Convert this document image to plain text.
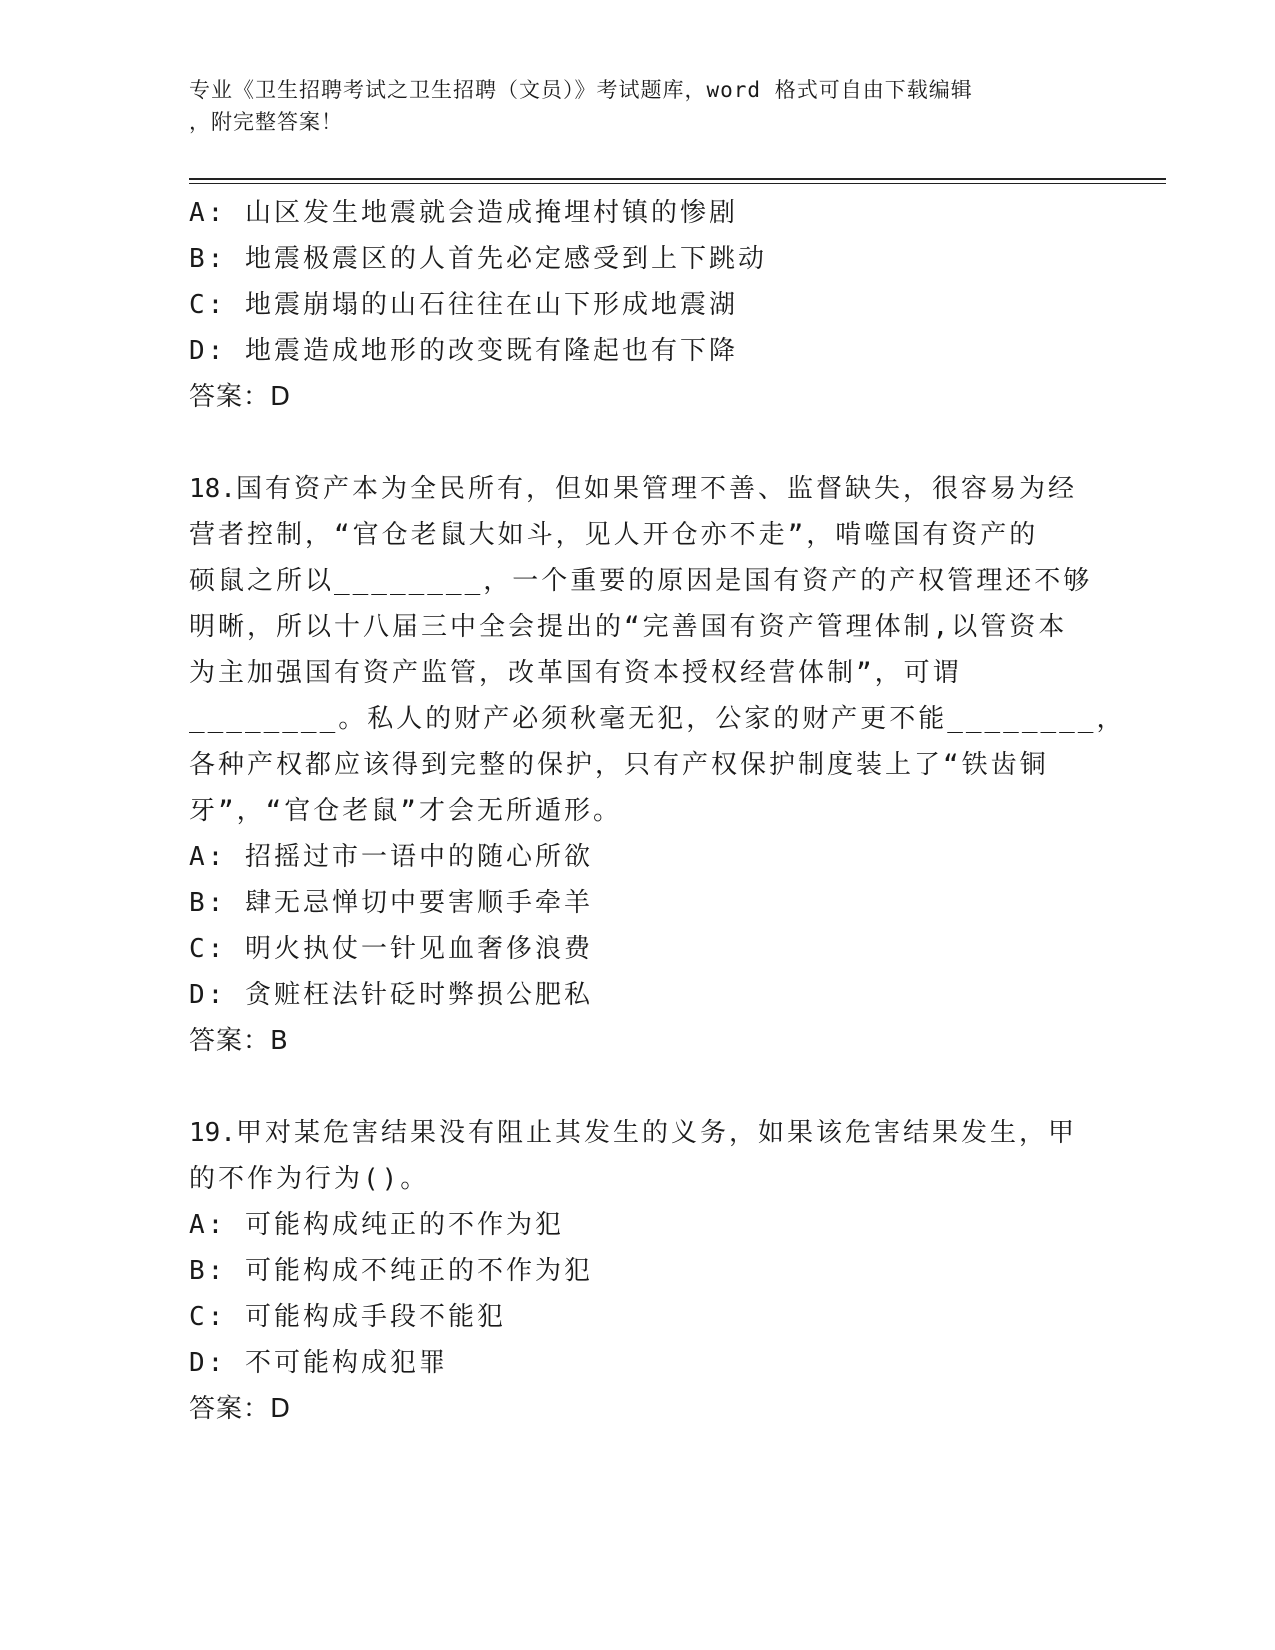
专业《卫生招聘考试之卫生招聘（文员）》考试题库，word 格式可自由下载编辑
，附完整答案！
A: 山区发生地震就会造成掩埋村镇的惨剧
B: 地震极震区的人首先必定感受到上下跳动
C: 地震崩塌的山石往往在山下形成地震湖
D: 地震造成地形的改变既有隆起也有下降
答案：D
18.国有资产本为全民所有，但如果管理不善、监督缺失，很容易为经
营者控制，“官仓老鼠大如斗，见人开仓亦不走”，啃噬国有资产的
硕鼠之所以________，一个重要的原因是国有资产的产权管理还不够
明晰，所以十八届三中全会提出的“完善国有资产管理体制,以管资本
为主加强国有资产监管，改革国有资本授权经营体制”，可谓
________。私人的财产必须秋毫无犯，公家的财产更不能________，
各种产权都应该得到完整的保护，只有产权保护制度装上了“铁齿铜
牙”，“官仓老鼠”才会无所遁形。
A: 招摇过市一语中的随心所欲
B: 肆无忌惮切中要害顺手牵羊
C: 明火执仗一针见血奢侈浪费
D: 贪赃枉法针砭时弊损公肥私
答案：B
19.甲对某危害结果没有阻止其发生的义务，如果该危害结果发生，甲
的不作为行为()。
A: 可能构成纯正的不作为犯
B: 可能构成不纯正的不作为犯
C: 可能构成手段不能犯
D: 不可能构成犯罪
答案：D
